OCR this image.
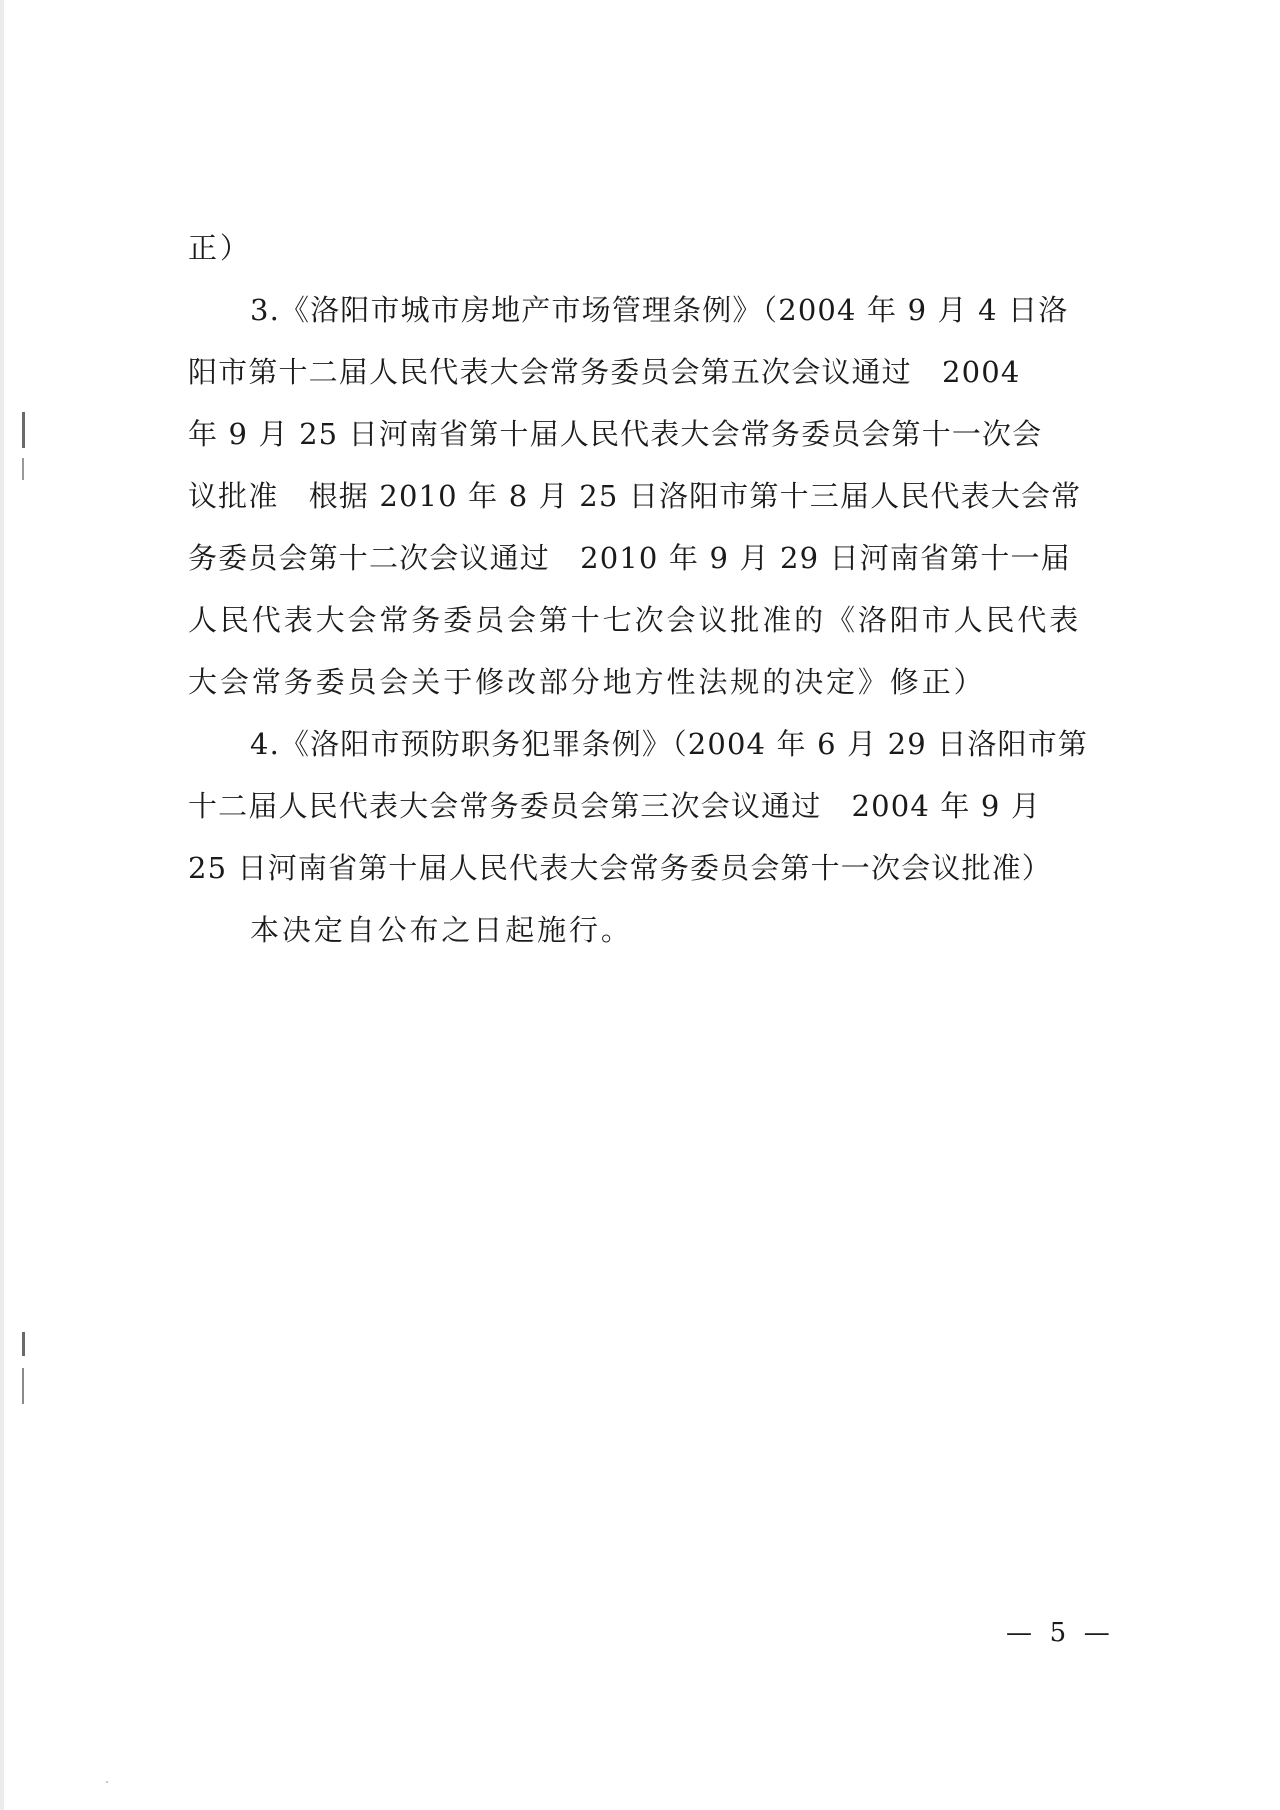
正）
3.《洛阳市城市房地产市场管理条例》（2004 年 9 月 4 日洛
阳市第十二届人民代表大会常务委员会第五次会议通过　2004
年 9 月 25 日河南省第十届人民代表大会常务委员会第十一次会
议批准　根据 2010 年 8 月 25 日洛阳市第十三届人民代表大会常
务委员会第十二次会议通过　2010 年 9 月 29 日河南省第十一届
人民代表大会常务委员会第十七次会议批准的《洛阳市人民代表
大会常务委员会关于修改部分地方性法规的决定》修正）
4.《洛阳市预防职务犯罪条例》（2004 年 6 月 29 日洛阳市第
十二届人民代表大会常务委员会第三次会议通过　2004 年 9 月
25 日河南省第十届人民代表大会常务委员会第十一次会议批准）
本决定自公布之日起施行。
— 5 —
